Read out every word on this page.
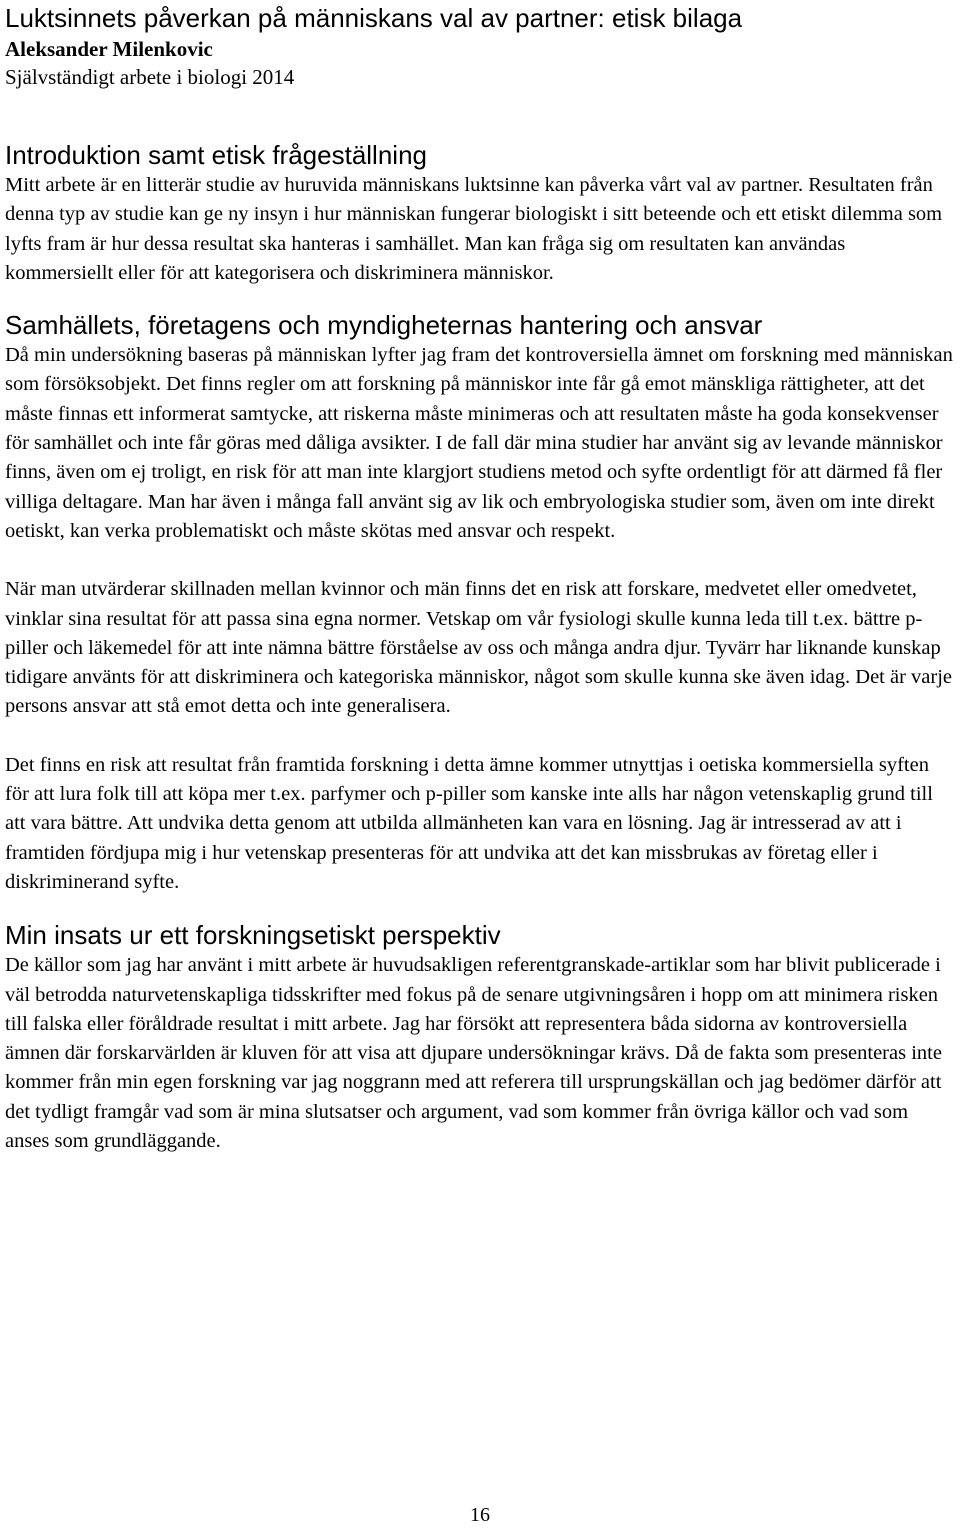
Luktsinnets påverkan på människans val av partner: etisk bilaga

Aleksander Milenkovic

Självständigt arbete i biologi 2014

Introduktion samt etisk frågeställning

Mitt arbete är en litterär studie av huruvida människans luktsinne kan påverka vårt val av partner. Resultaten från denna typ av studie kan ge ny insyn i hur människan fungerar biologiskt i sitt beteende och ett etiskt dilemma som lyfts fram är hur dessa resultat ska hanteras i samhället. Man kan fråga sig om resultaten kan användas kommersiellt eller för att kategorisera och diskriminera människor.

Samhällets, företagens och myndigheternas hantering och ansvar

Då min undersökning baseras på människan lyfter jag fram det kontroversiella ämnet om forskning med människan som försöksobjekt. Det finns regler om att forskning på människor inte får gå emot mänskliga rättigheter, att det måste finnas ett informerat samtycke, att riskerna måste minimeras och att resultaten måste ha goda konsekvenser för samhället och inte får göras med dåliga avsikter. I de fall där mina studier har använt sig av levande människor finns, även om ej troligt, en risk för att man inte klargjort studiens metod och syfte ordentligt för att därmed få fler villiga deltagare. Man har även i många fall använt sig av lik och embryologiska studier som, även om inte direkt oetiskt, kan verka problematiskt och måste skötas med ansvar och respekt.

När man utvärderar skillnaden mellan kvinnor och män finns det en risk att forskare, medvetet eller omedvetet, vinklar sina resultat för att passa sina egna normer. Vetskap om vår fysiologi skulle kunna leda till t.ex. bättre p-piller och läkemedel för att inte nämna bättre förståelse av oss och många andra djur. Tyvärr har liknande kunskap tidigare använts för att diskriminera och kategoriska människor, något som skulle kunna ske även idag. Det är varje persons ansvar att stå emot detta och inte generalisera.

Det finns en risk att resultat från framtida forskning i detta ämne kommer utnyttjas i oetiska kommersiella syften för att lura folk till att köpa mer t.ex. parfymer och p-piller som kanske inte alls har någon vetenskaplig grund till att vara bättre. Att undvika detta genom att utbilda allmänheten kan vara en lösning. Jag är intresserad av att i framtiden fördjupa mig i hur vetenskap presenteras för att undvika att det kan missbrukas av företag eller i diskriminerand syfte.

Min insats ur ett forskningsetiskt perspektiv

De källor som jag har använt i mitt arbete är huvudsakligen referentgranskade-artiklar som har blivit publicerade i väl betrodda naturvetenskapliga tidsskrifter med fokus på de senare utgivningsåren i hopp om att minimera risken till falska eller föråldrade resultat i mitt arbete. Jag har försökt att representera båda sidorna av kontroversiella ämnen där forskarvärlden är kluven för att visa att djupare undersökningar krävs. Då de fakta som presenteras inte kommer från min egen forskning var jag noggrann med att referera till ursprungskällan och jag bedömer därför att det tydligt framgår vad som är mina slutsatser och argument, vad som kommer från övriga källor och vad som anses som grundläggande.

16
